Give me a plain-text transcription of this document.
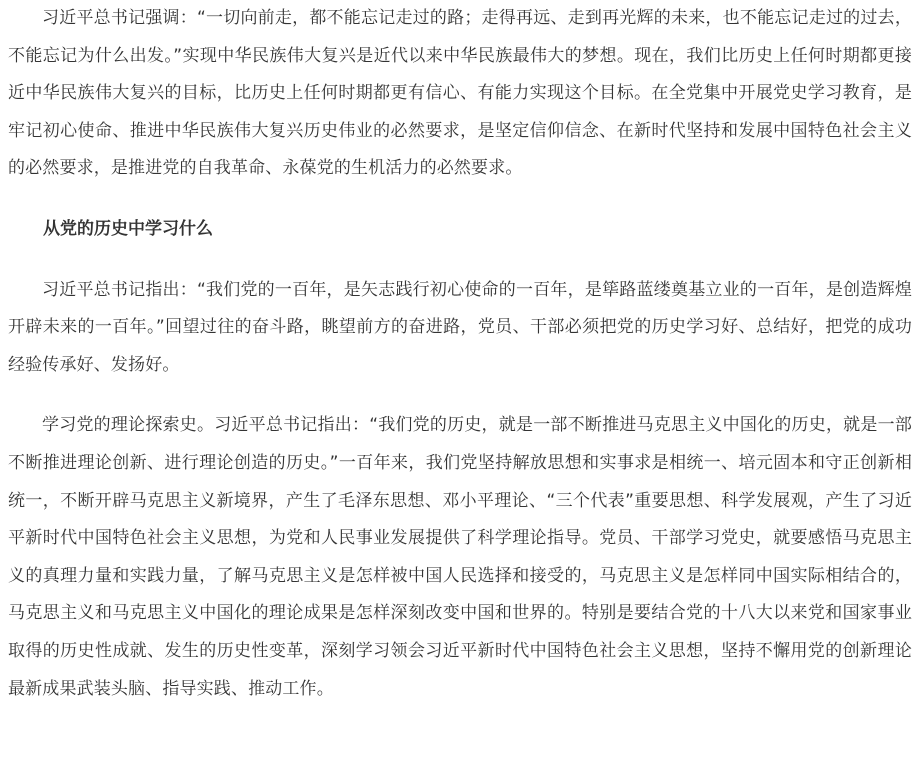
习近平总书记强调：“一切向前走，都不能忘记走过的路；走得再远、走到再光辉的未来，也不能忘记走过的过去，不能忘记为什么出发。”实现中华民族伟大复兴是近代以来中华民族最伟大的梦想。现在，我们比历史上任何时期都更接近中华民族伟大复兴的目标，比历史上任何时期都更有信心、有能力实现这个目标。在全党集中开展党史学习教育，是牢记初心使命、推进中华民族伟大复兴历史伟业的必然要求，是坚定信仰信念、在新时代坚持和发展中国特色社会主义的必然要求，是推进党的自我革命、永葆党的生机活力的必然要求。

从党的历史中学习什么

习近平总书记指出：“我们党的一百年，是矢志践行初心使命的一百年，是筚路蓝缕奠基立业的一百年，是创造辉煌开辟未来的一百年。”回望过往的奋斗路，眺望前方的奋进路，党员、干部必须把党的历史学习好、总结好，把党的成功经验传承好、发扬好。

学习党的理论探索史。习近平总书记指出：“我们党的历史，就是一部不断推进马克思主义中国化的历史，就是一部不断推进理论创新、进行理论创造的历史。”一百年来，我们党坚持解放思想和实事求是相统一、培元固本和守正创新相统一，不断开辟马克思主义新境界，产生了毛泽东思想、邓小平理论、“三个代表”重要思想、科学发展观，产生了习近平新时代中国特色社会主义思想，为党和人民事业发展提供了科学理论指导。党员、干部学习党史，就要感悟马克思主义的真理力量和实践力量，了解马克思主义是怎样被中国人民选择和接受的，马克思主义是怎样同中国实际相结合的，马克思主义和马克思主义中国化的理论成果是怎样深刻改变中国和世界的。特别是要结合党的十八大以来党和国家事业取得的历史性成就、发生的历史性变革，深刻学习领会习近平新时代中国特色社会主义思想，坚持不懈用党的创新理论最新成果武装头脑、指导实践、推动工作。
